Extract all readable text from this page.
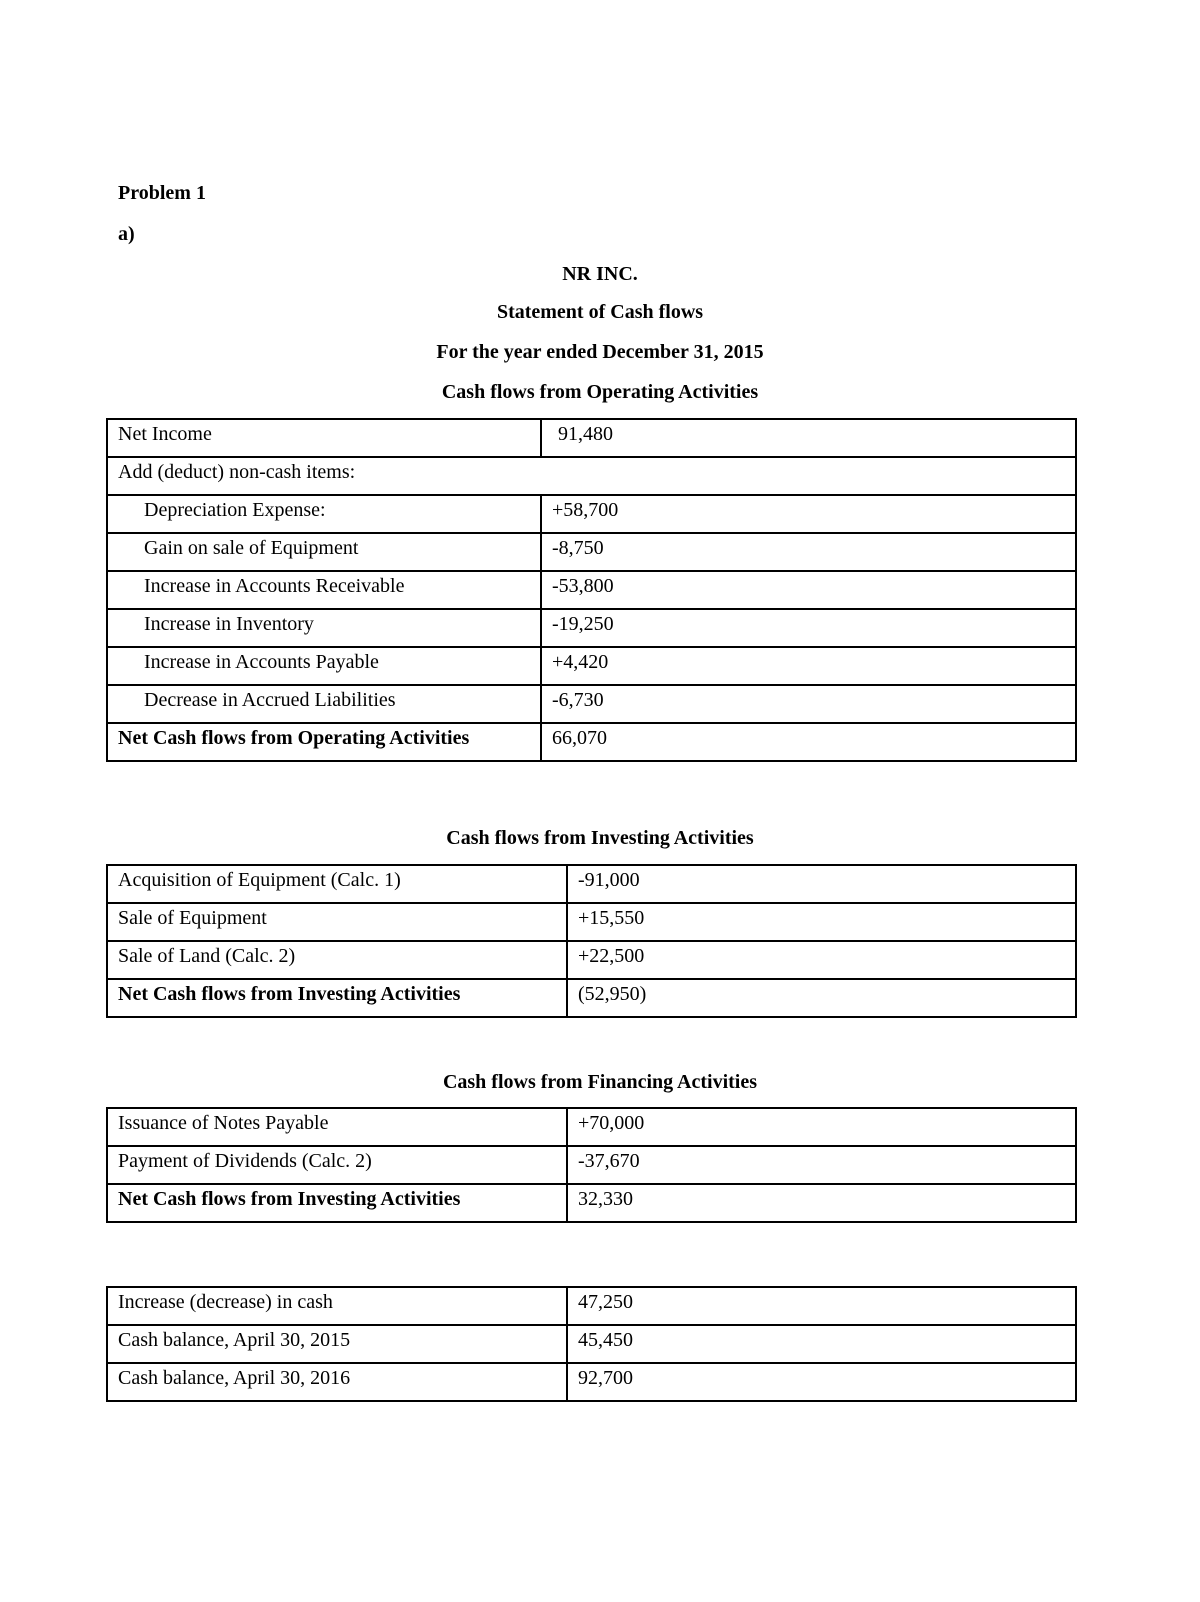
Problem 1
a)
NR INC.
Statement of Cash flows
For the year ended December 31, 2015
Cash flows from Operating Activities
Net Income	91,480
Add (deduct) non-cash items:	
Depreciation Expense:	+58,700
Gain on sale of Equipment	-8,750
Increase in Accounts Receivable	-53,800
Increase in Inventory	-19,250
Increase in Accounts Payable	+4,420
Decrease in Accrued Liabilities	-6,730
Net Cash flows from Operating Activities	66,070
Cash flows from Investing Activities
Acquisition of Equipment (Calc. 1)	-91,000
Sale of Equipment	+15,550
Sale of Land (Calc. 2)	+22,500
Net Cash flows from Investing Activities	(52,950)
Cash flows from Financing Activities
Issuance of Notes Payable	+70,000
Payment of Dividends (Calc. 2)	-37,670
Net Cash flows from Investing Activities	32,330
Increase (decrease) in cash	47,250
Cash balance, April 30, 2015	45,450
Cash balance, April 30, 2016	92,700
